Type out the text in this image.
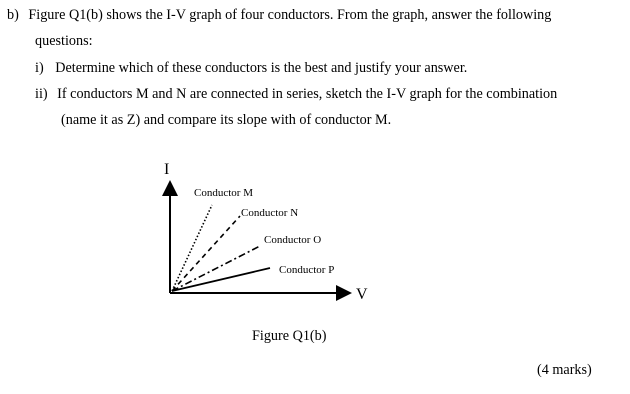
b) Figure Q1(b) shows the I-V graph of four conductors. From the graph, answer the following
questions:
i) Determine which of these conductors is the best and justify your answer.
ii) If conductors M and N are connected in series, sketch the I-V graph for the combination
(name it as Z) and compare its slope with of conductor M.
I
V
Conductor M
Conductor N
Conductor O
Conductor P
Figure Q1(b)
(4 marks)
